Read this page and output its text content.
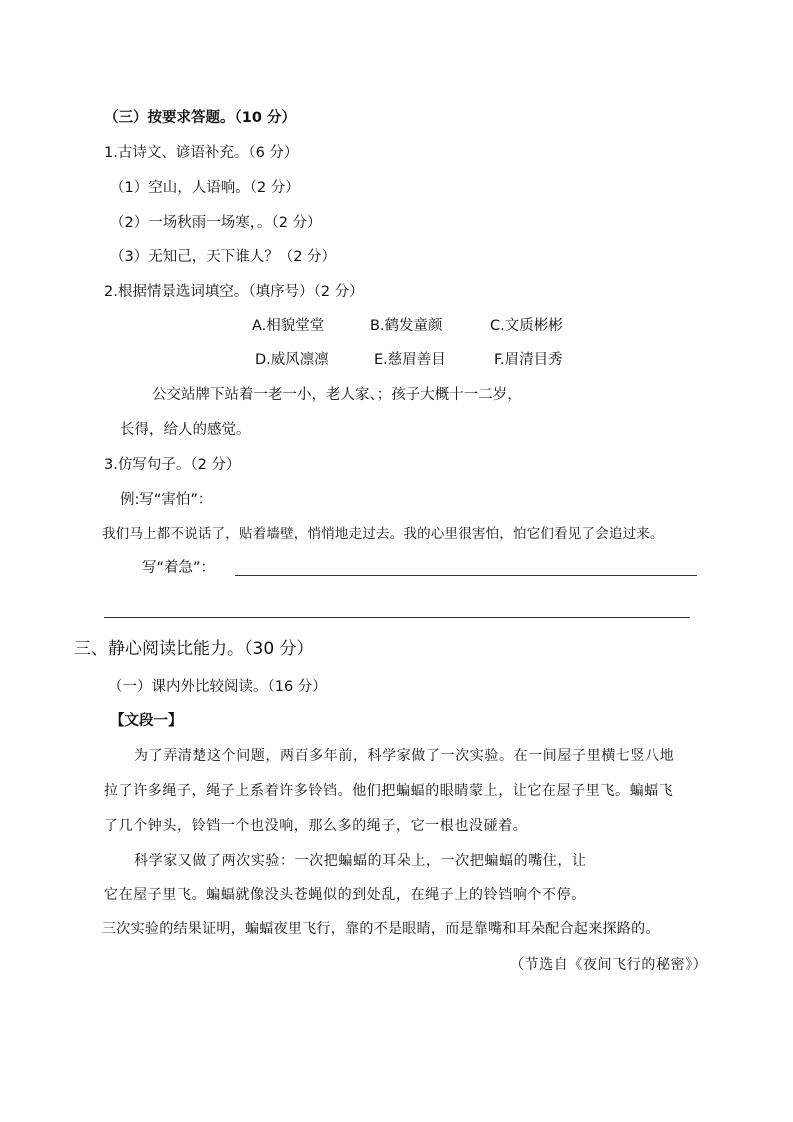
（三）按要求答题。（10 分）
1.古诗文、谚语补充。（6 分）
（1）空山，人语响。（2 分）
（2）一场秋雨一场寒，。（2 分）
（3）无知己，天下谁人？（2 分）
2.根据情景选词填空。（填序号）（2 分）
A.相貌堂堂	B.鹤发童颜	C.文质彬彬
D.威风凛凛	E.慈眉善目	F.眉清目秀
公交站牌下站着一老一小，老人家、；孩子大概十一二岁，
长得，给人的感觉。
3.仿写句子。（2 分）
例:写“害怕”：
我们马上都不说话了，贴着墙壁，悄悄地走过去。我的心里很害怕，怕它们看见了会追过来。
写“着急”：
三、静心阅读比能力。（30 分）
（一）课内外比较阅读。（16 分）
【文段一】
为了弄清楚这个问题，两百多年前，科学家做了一次实验。在一间屋子里横七竖八地
拉了许多绳子，绳子上系着许多铃铛。他们把蝙蝠的眼睛蒙上，让它在屋子里飞。蝙蝠飞
了几个钟头，铃铛一个也没响，那么多的绳子，它一根也没碰着。
科学家又做了两次实验：一次把蝙蝠的耳朵上，一次把蝙蝠的嘴住，让
它在屋子里飞。蝙蝠就像没头苍蝇似的到处乱，在绳子上的铃铛响个不停。
三次实验的结果证明，蝙蝠夜里飞行，靠的不是眼睛，而是靠嘴和耳朵配合起来探路的。
（节选自《夜间飞行的秘密》）
